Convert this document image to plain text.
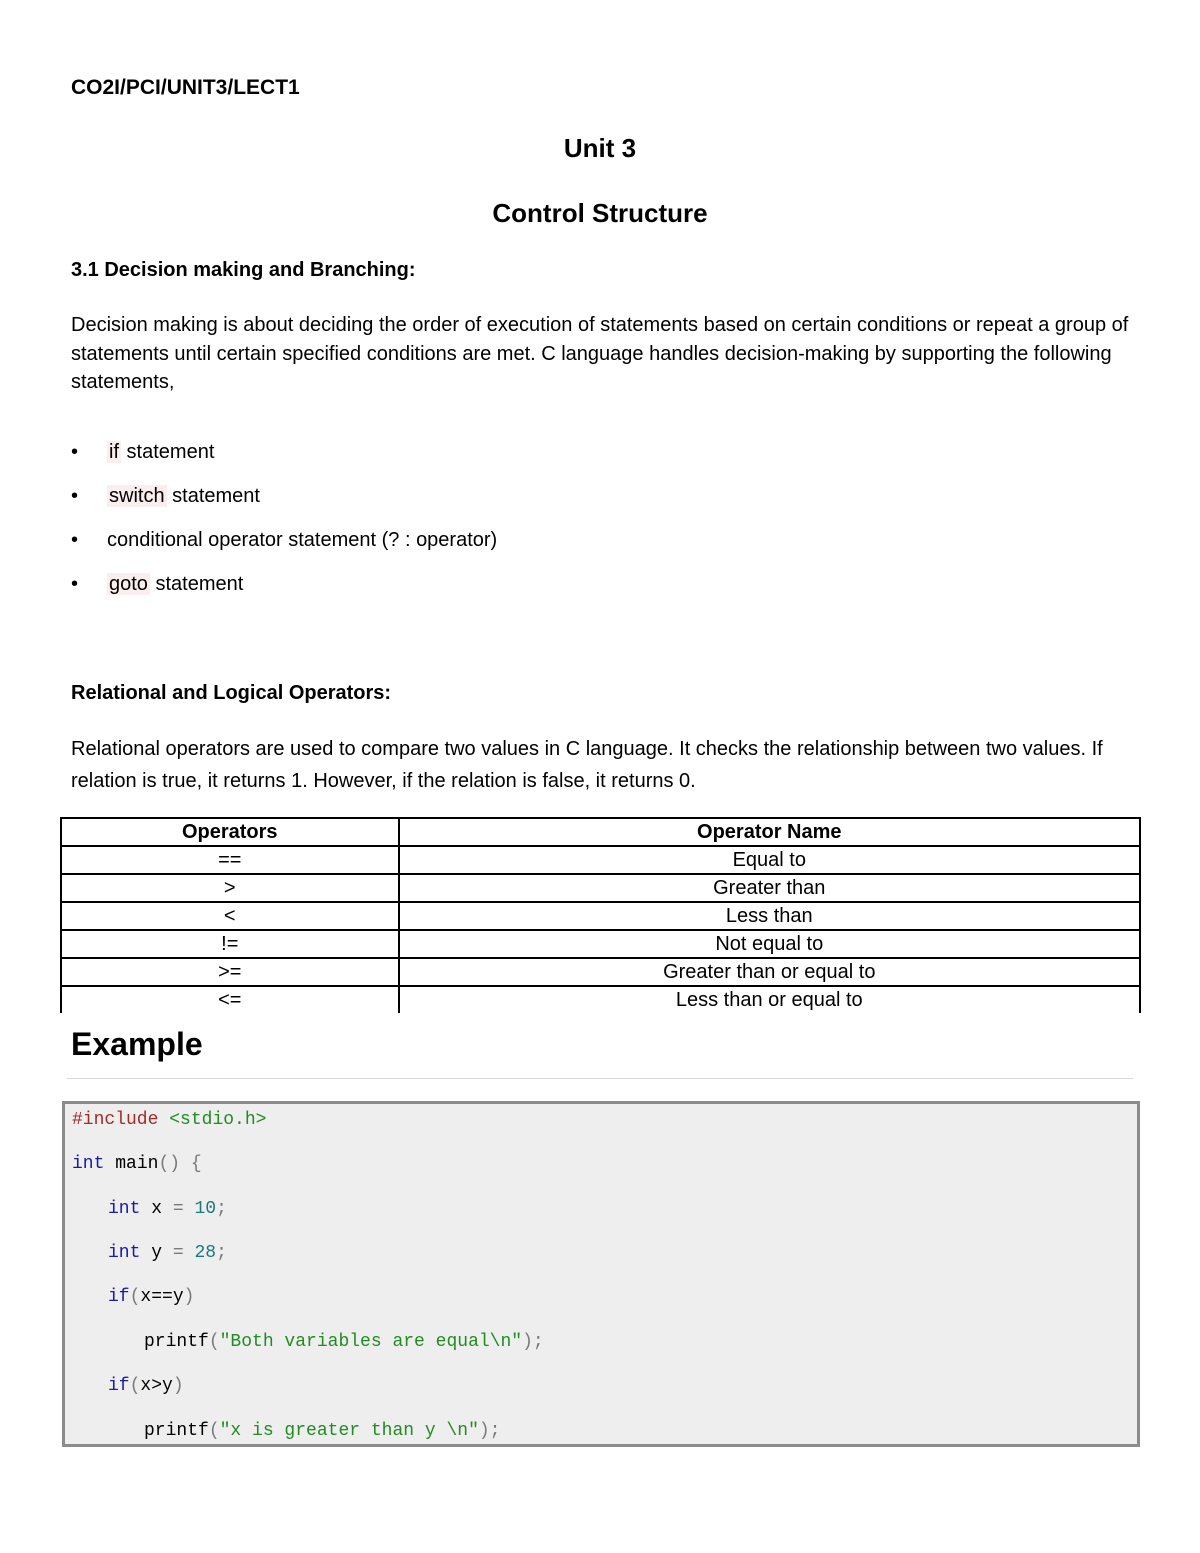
CO2I/PCI/UNIT3/LECT1
Unit 3
Control Structure
3.1 Decision making and Branching:
Decision making is about deciding the order of execution of statements based on certain conditions or repeat a group of statements until certain specified conditions are met. C language handles decision-making by supporting the following statements,
• if statement
• switch statement
• conditional operator statement (? : operator)
• goto statement
Relational and Logical Operators:
Relational operators are used to compare two values in C language. It checks the relationship between two values. If relation is true, it returns 1. However, if the relation is false, it returns 0.
Operators	Operator Name
==	Equal to
>	Greater than
<	Less than
!=	Not equal to
>=	Greater than or equal to
<=	Less than or equal to
Example
#include <stdio.h>
int main() {
int x = 10;
int y = 28;
if(x==y)
printf("Both variables are equal\n");
if(x>y)
printf("x is greater than y \n");
